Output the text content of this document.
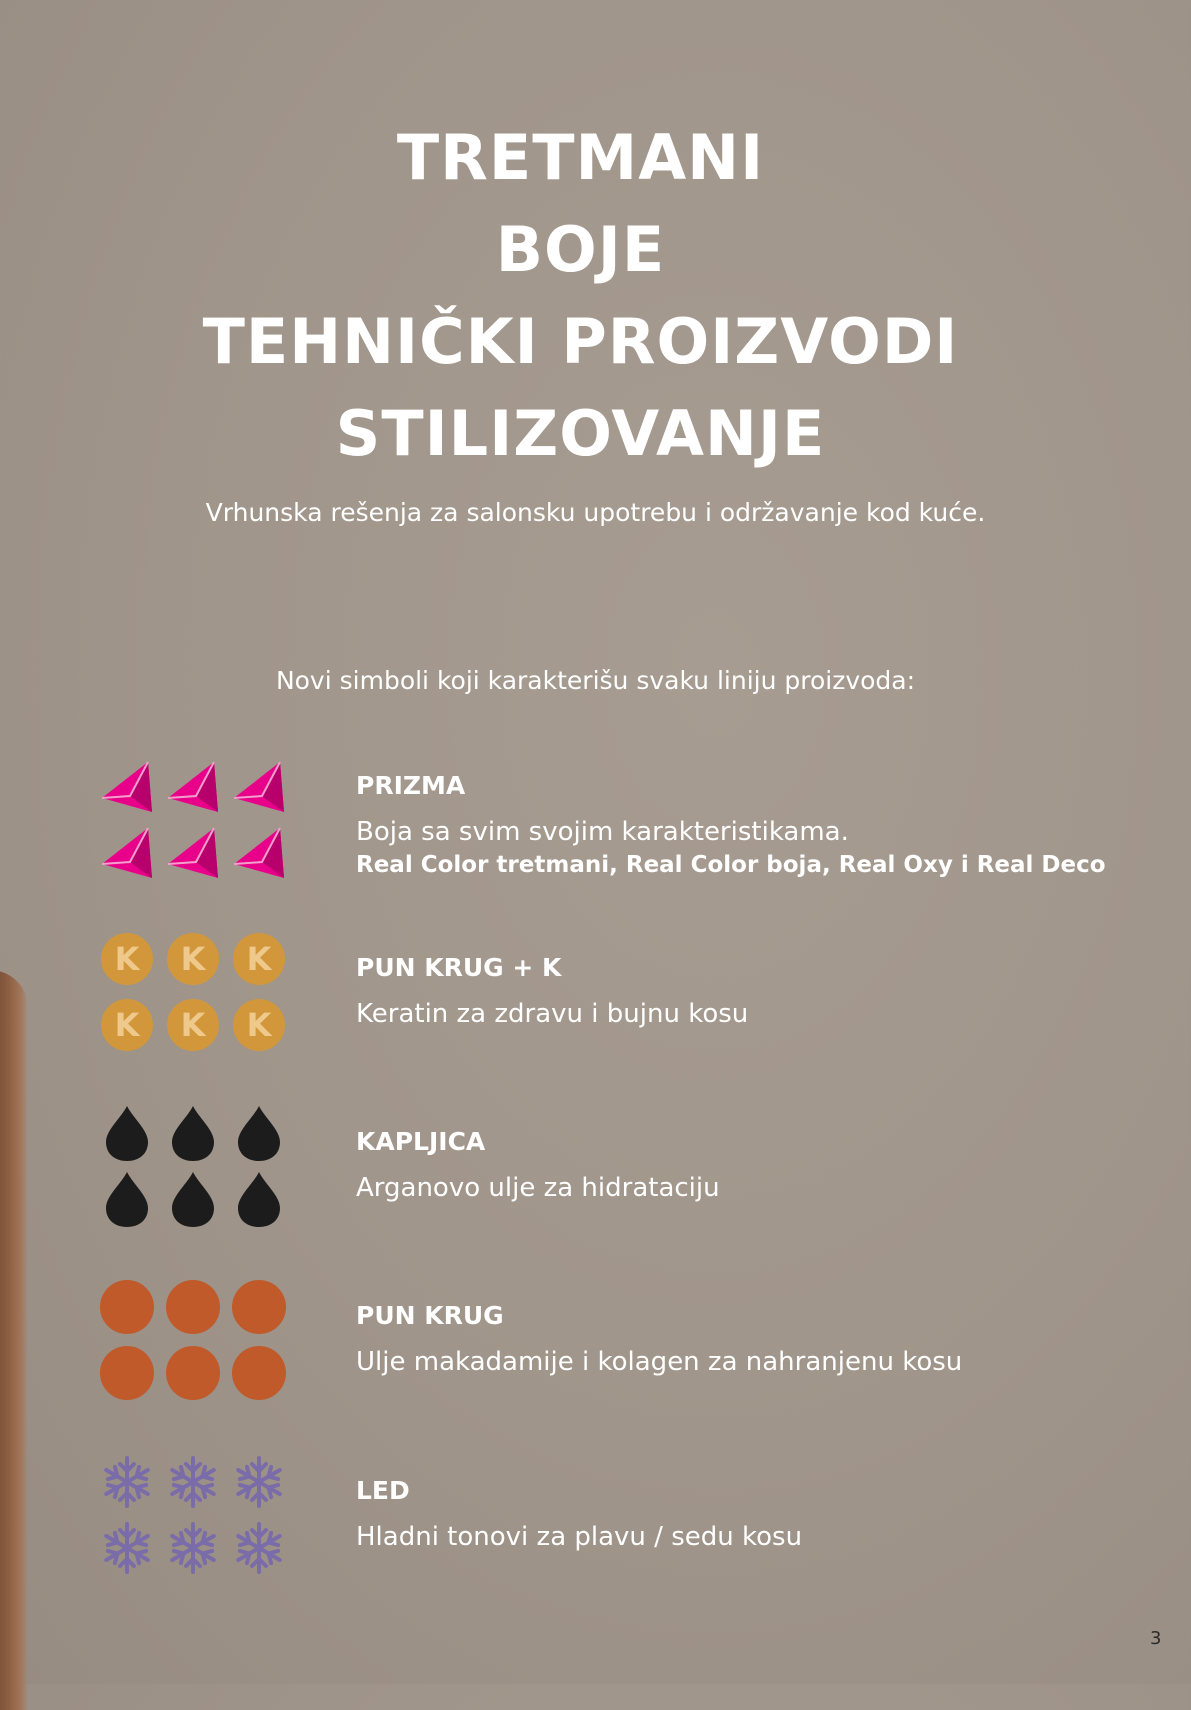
TRETMANI
BOJE
TEHNIČKI PROIZVODI
STILIZOVANJE
Vrhunska rešenja za salonsku upotrebu i održavanje kod kuće.
Novi simboli koji karakterišu svaku liniju proizvoda:
PRIZMA
Boja sa svim svojim karakteristikama.
Real Color tretmani, Real Color boja, Real Oxy i Real Deco
K K K
K K K
PUN KRUG + K
Keratin za zdravu i bujnu kosu
KAPLJICA
Arganovo ulje za hidrataciju
PUN KRUG
Ulje makadamije i kolagen za nahranjenu kosu
LED
Hladni tonovi za plavu / sedu kosu
3
